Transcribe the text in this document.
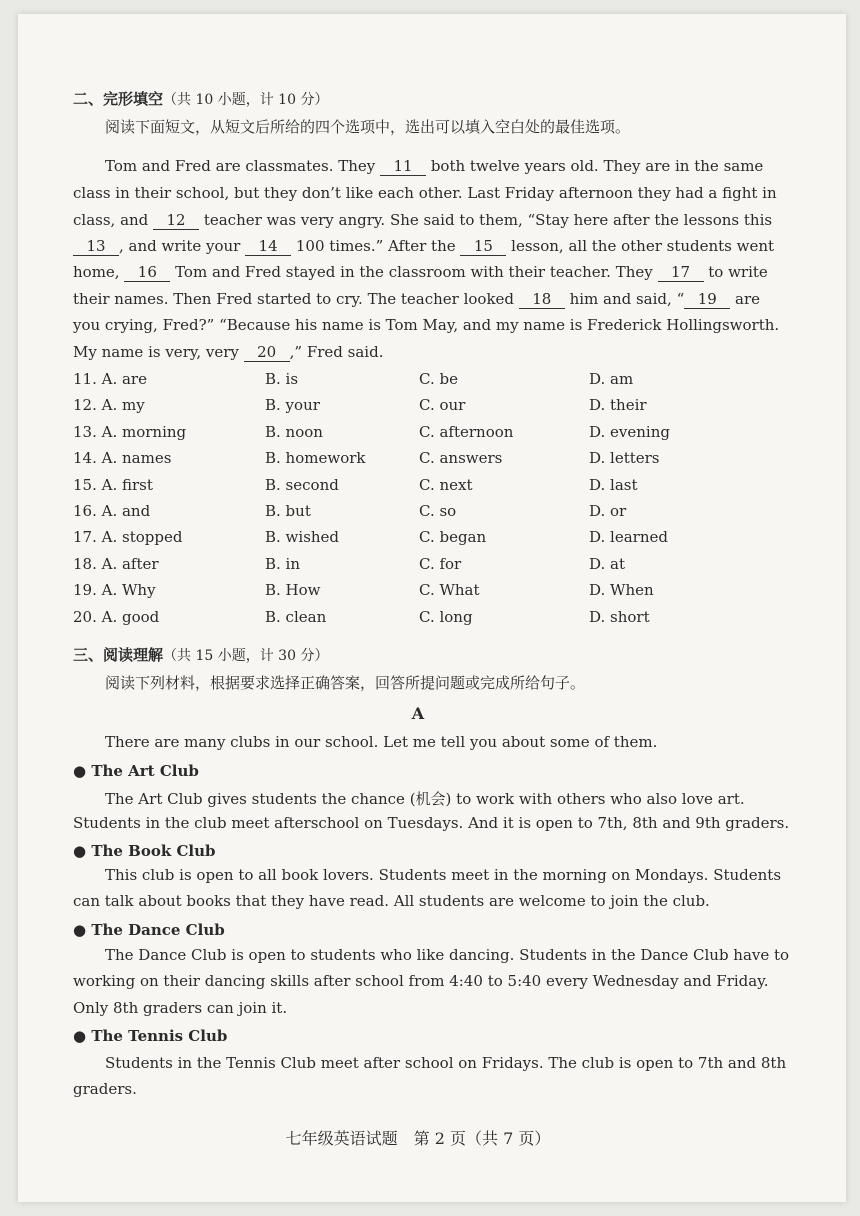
二、完形填空（共 10 小题，计 10 分）
阅读下面短文，从短文后所给的四个选项中，选出可以填入空白处的最佳选项。
Tom and Fred are classmates. They 11 both twelve years old. They are in the same
class in their school, but they don’t like each other. Last Friday afternoon they had a fight in
class, and 12 teacher was very angry. She said to them, “Stay here after the lessons this
13 , and write your 14 100 times.” After the 15 lesson, all the other students went
home, 16 Tom and Fred stayed in the classroom with their teacher. They 17 to write
their names. Then Fred started to cry. The teacher looked 18 him and said, “ 19 are
you crying, Fred?” “Because his name is Tom May, and my name is Frederick Hollingsworth.
My name is very, very 20 ,” Fred said.
11. A. are	B. is	C. be	D. am
12. A. my	B. your	C. our	D. their
13. A. morning	B. noon	C. afternoon	D. evening
14. A. names	B. homework	C. answers	D. letters
15. A. first	B. second	C. next	D. last
16. A. and	B. but	C. so	D. or
17. A. stopped	B. wished	C. began	D. learned
18. A. after	B. in	C. for	D. at
19. A. Why	B. How	C. What	D. When
20. A. good	B. clean	C. long	D. short
三、阅读理解（共 15 小题，计 30 分）
阅读下列材料，根据要求选择正确答案，回答所提问题或完成所给句子。
A
There are many clubs in our school. Let me tell you about some of them.
● The Art Club
The Art Club gives students the chance (机会) to work with others who also love art.
Students in the club meet afterschool on Tuesdays. And it is open to 7th, 8th and 9th graders.
● The Book Club
This club is open to all book lovers. Students meet in the morning on Mondays. Students
can talk about books that they have read. All students are welcome to join the club.
● The Dance Club
The Dance Club is open to students who like dancing. Students in the Dance Club have to
working on their dancing skills after school from 4:40 to 5:40 every Wednesday and Friday.
Only 8th graders can join it.
● The Tennis Club
Students in the Tennis Club meet after school on Fridays. The club is open to 7th and 8th
graders.
七年级英语试题　第 2 页（共 7 页）
